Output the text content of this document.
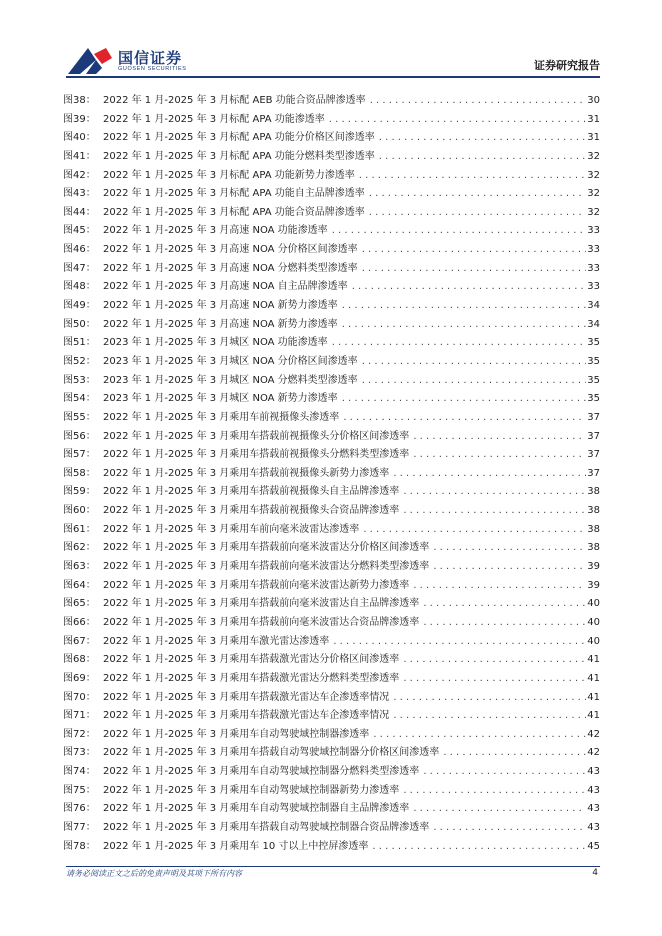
国信证券
GUOSEN SECURITIES	证券研究报告
图38： 2022 年 1 月-2025 年 3 月标配 AEB 功能合资品牌渗透率 . . .	30
图39： 2022 年 1 月-2025 年 3 月标配 APA 功能渗透率 . . .	31
图40： 2022 年 1 月-2025 年 3 月标配 APA 功能分价格区间渗透率 . . .	31
图41： 2022 年 1 月-2025 年 3 月标配 APA 功能分燃料类型渗透率 . . .	32
图42： 2022 年 1 月-2025 年 3 月标配 APA 功能新势力渗透率 . . .	32
图43： 2022 年 1 月-2025 年 3 月标配 APA 功能自主品牌渗透率 . . .	32
图44： 2022 年 1 月-2025 年 3 月标配 APA 功能合资品牌渗透率 . . .	32
图45： 2022 年 1 月-2025 年 3 月高速 NOA 功能渗透率 . . .	33
图46： 2022 年 1 月-2025 年 3 月高速 NOA 分价格区间渗透率 . . .	33
图47： 2022 年 1 月-2025 年 3 月高速 NOA 分燃料类型渗透率 . . .	33
图48： 2022 年 1 月-2025 年 3 月高速 NOA 自主品牌渗透率 . . .	33
图49： 2022 年 1 月-2025 年 3 月高速 NOA 新势力渗透率 . . .	34
图50： 2022 年 1 月-2025 年 3 月高速 NOA 新势力渗透率 . . .	34
图51： 2023 年 1 月-2025 年 3 月城区 NOA 功能渗透率 . . .	35
图52： 2023 年 1 月-2025 年 3 月城区 NOA 分价格区间渗透率 . . .	35
图53： 2023 年 1 月-2025 年 3 月城区 NOA 分燃料类型渗透率 . . .	35
图54： 2023 年 1 月-2025 年 3 月城区 NOA 新势力渗透率 . . .	35
图55： 2022 年 1 月-2025 年 3 月乘用车前视摄像头渗透率 . . .	37
图56： 2022 年 1 月-2025 年 3 月乘用车搭载前视摄像头分价格区间渗透率 . . .	37
图57： 2022 年 1 月-2025 年 3 月乘用车搭载前视摄像头分燃料类型渗透率 . . .	37
图58： 2022 年 1 月-2025 年 3 月乘用车搭载前视摄像头新势力渗透率 . . .	37
图59： 2022 年 1 月-2025 年 3 月乘用车搭载前视摄像头自主品牌渗透率 . . .	38
图60： 2022 年 1 月-2025 年 3 月乘用车搭载前视摄像头合资品牌渗透率 . . .	38
图61： 2022 年 1 月-2025 年 3 月乘用车前向毫米波雷达渗透率 . . .	38
图62： 2022 年 1 月-2025 年 3 月乘用车搭载前向毫米波雷达分价格区间渗透率 . . .	38
图63： 2022 年 1 月-2025 年 3 月乘用车搭载前向毫米波雷达分燃料类型渗透率 . . .	39
图64： 2022 年 1 月-2025 年 3 月乘用车搭载前向毫米波雷达新势力渗透率 . . .	39
图65： 2022 年 1 月-2025 年 3 月乘用车搭载前向毫米波雷达自主品牌渗透率 . . .	40
图66： 2022 年 1 月-2025 年 3 月乘用车搭载前向毫米波雷达合资品牌渗透率 . . .	40
图67： 2022 年 1 月-2025 年 3 月乘用车激光雷达渗透率 . . .	40
图68： 2022 年 1 月-2025 年 3 月乘用车搭载激光雷达分价格区间渗透率 . . .	41
图69： 2022 年 1 月-2025 年 3 月乘用车搭载激光雷达分燃料类型渗透率 . . .	41
图70： 2022 年 1 月-2025 年 3 月乘用车搭载激光雷达车企渗透率情况 . . .	41
图71： 2022 年 1 月-2025 年 3 月乘用车搭载激光雷达车企渗透率情况 . . .	41
图72： 2022 年 1 月-2025 年 3 月乘用车自动驾驶域控制器渗透率 . . .	42
图73： 2022 年 1 月-2025 年 3 月乘用车搭载自动驾驶域控制器分价格区间渗透率 . . .	42
图74： 2022 年 1 月-2025 年 3 月乘用车自动驾驶域控制器分燃料类型渗透率 . . .	43
图75： 2022 年 1 月-2025 年 3 月乘用车自动驾驶域控制器新势力渗透率 . . .	43
图76： 2022 年 1 月-2025 年 3 月乘用车自动驾驶域控制器自主品牌渗透率 . . .	43
图77： 2022 年 1 月-2025 年 3 月乘用车搭载自动驾驶域控制器合资品牌渗透率 . . .	43
图78： 2022 年 1 月-2025 年 3 月乘用车 10 寸以上中控屏渗透率 . . .	45
请务必阅读正文之后的免责声明及其项下所有内容	4
